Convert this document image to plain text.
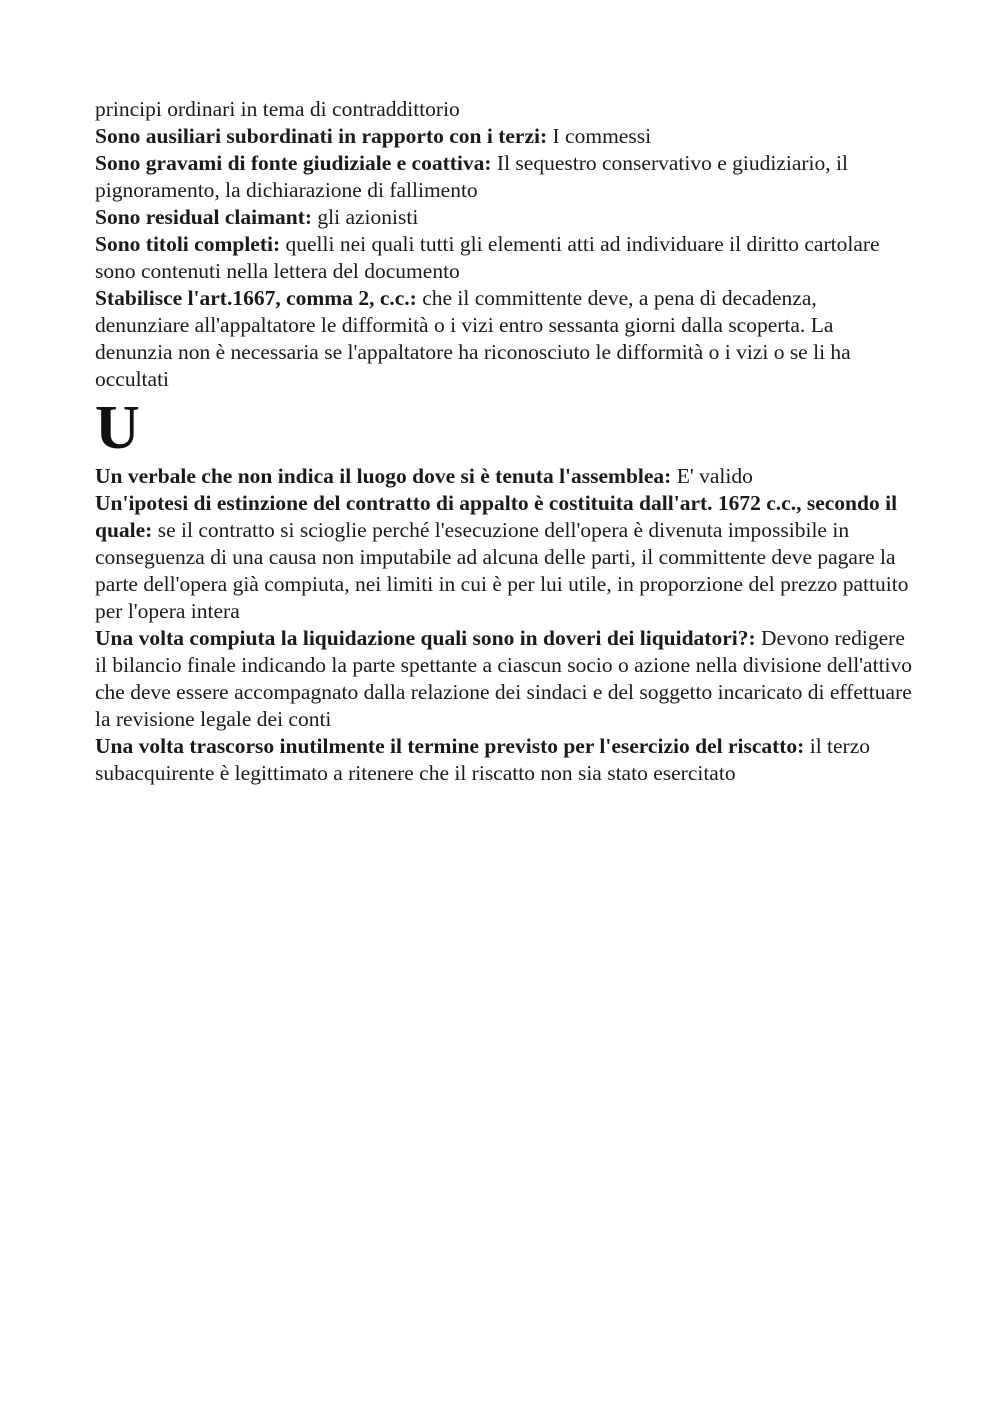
principi ordinari in tema di contraddittorio

Sono ausiliari subordinati in rapporto con i terzi: I commessi

Sono gravami di fonte giudiziale e coattiva: Il sequestro conservativo e giudiziario, il pignoramento, la dichiarazione di fallimento

Sono residual claimant: gli azionisti

Sono titoli completi: quelli nei quali tutti gli elementi atti ad individuare il diritto cartolare sono contenuti nella lettera del documento

Stabilisce l'art.1667, comma 2, c.c.: che il committente deve, a pena di decadenza, denunziare all'appaltatore le difformità o i vizi entro sessanta giorni dalla scoperta. La denunzia non è necessaria se l'appaltatore ha riconosciuto le difformità o i vizi o se li ha occultati

U

Un verbale che non indica il luogo dove si è tenuta l'assemblea: E' valido

Un'ipotesi di estinzione del contratto di appalto è costituita dall'art. 1672 c.c., secondo il quale: se il contratto si scioglie perché l'esecuzione dell'opera è divenuta impossibile in conseguenza di una causa non imputabile ad alcuna delle parti, il committente deve pagare la parte dell'opera già compiuta, nei limiti in cui è per lui utile, in proporzione del prezzo pattuito per l'opera intera

Una volta compiuta la liquidazione quali sono in doveri dei liquidatori?: Devono redigere il bilancio finale indicando la parte spettante a ciascun socio o azione nella divisione dell'attivo che deve essere accompagnato dalla relazione dei sindaci e del soggetto incaricato di effettuare la revisione legale dei conti

Una volta trascorso inutilmente il termine previsto per l'esercizio del riscatto: il terzo subacquirente è legittimato a ritenere che il riscatto non sia stato esercitato
